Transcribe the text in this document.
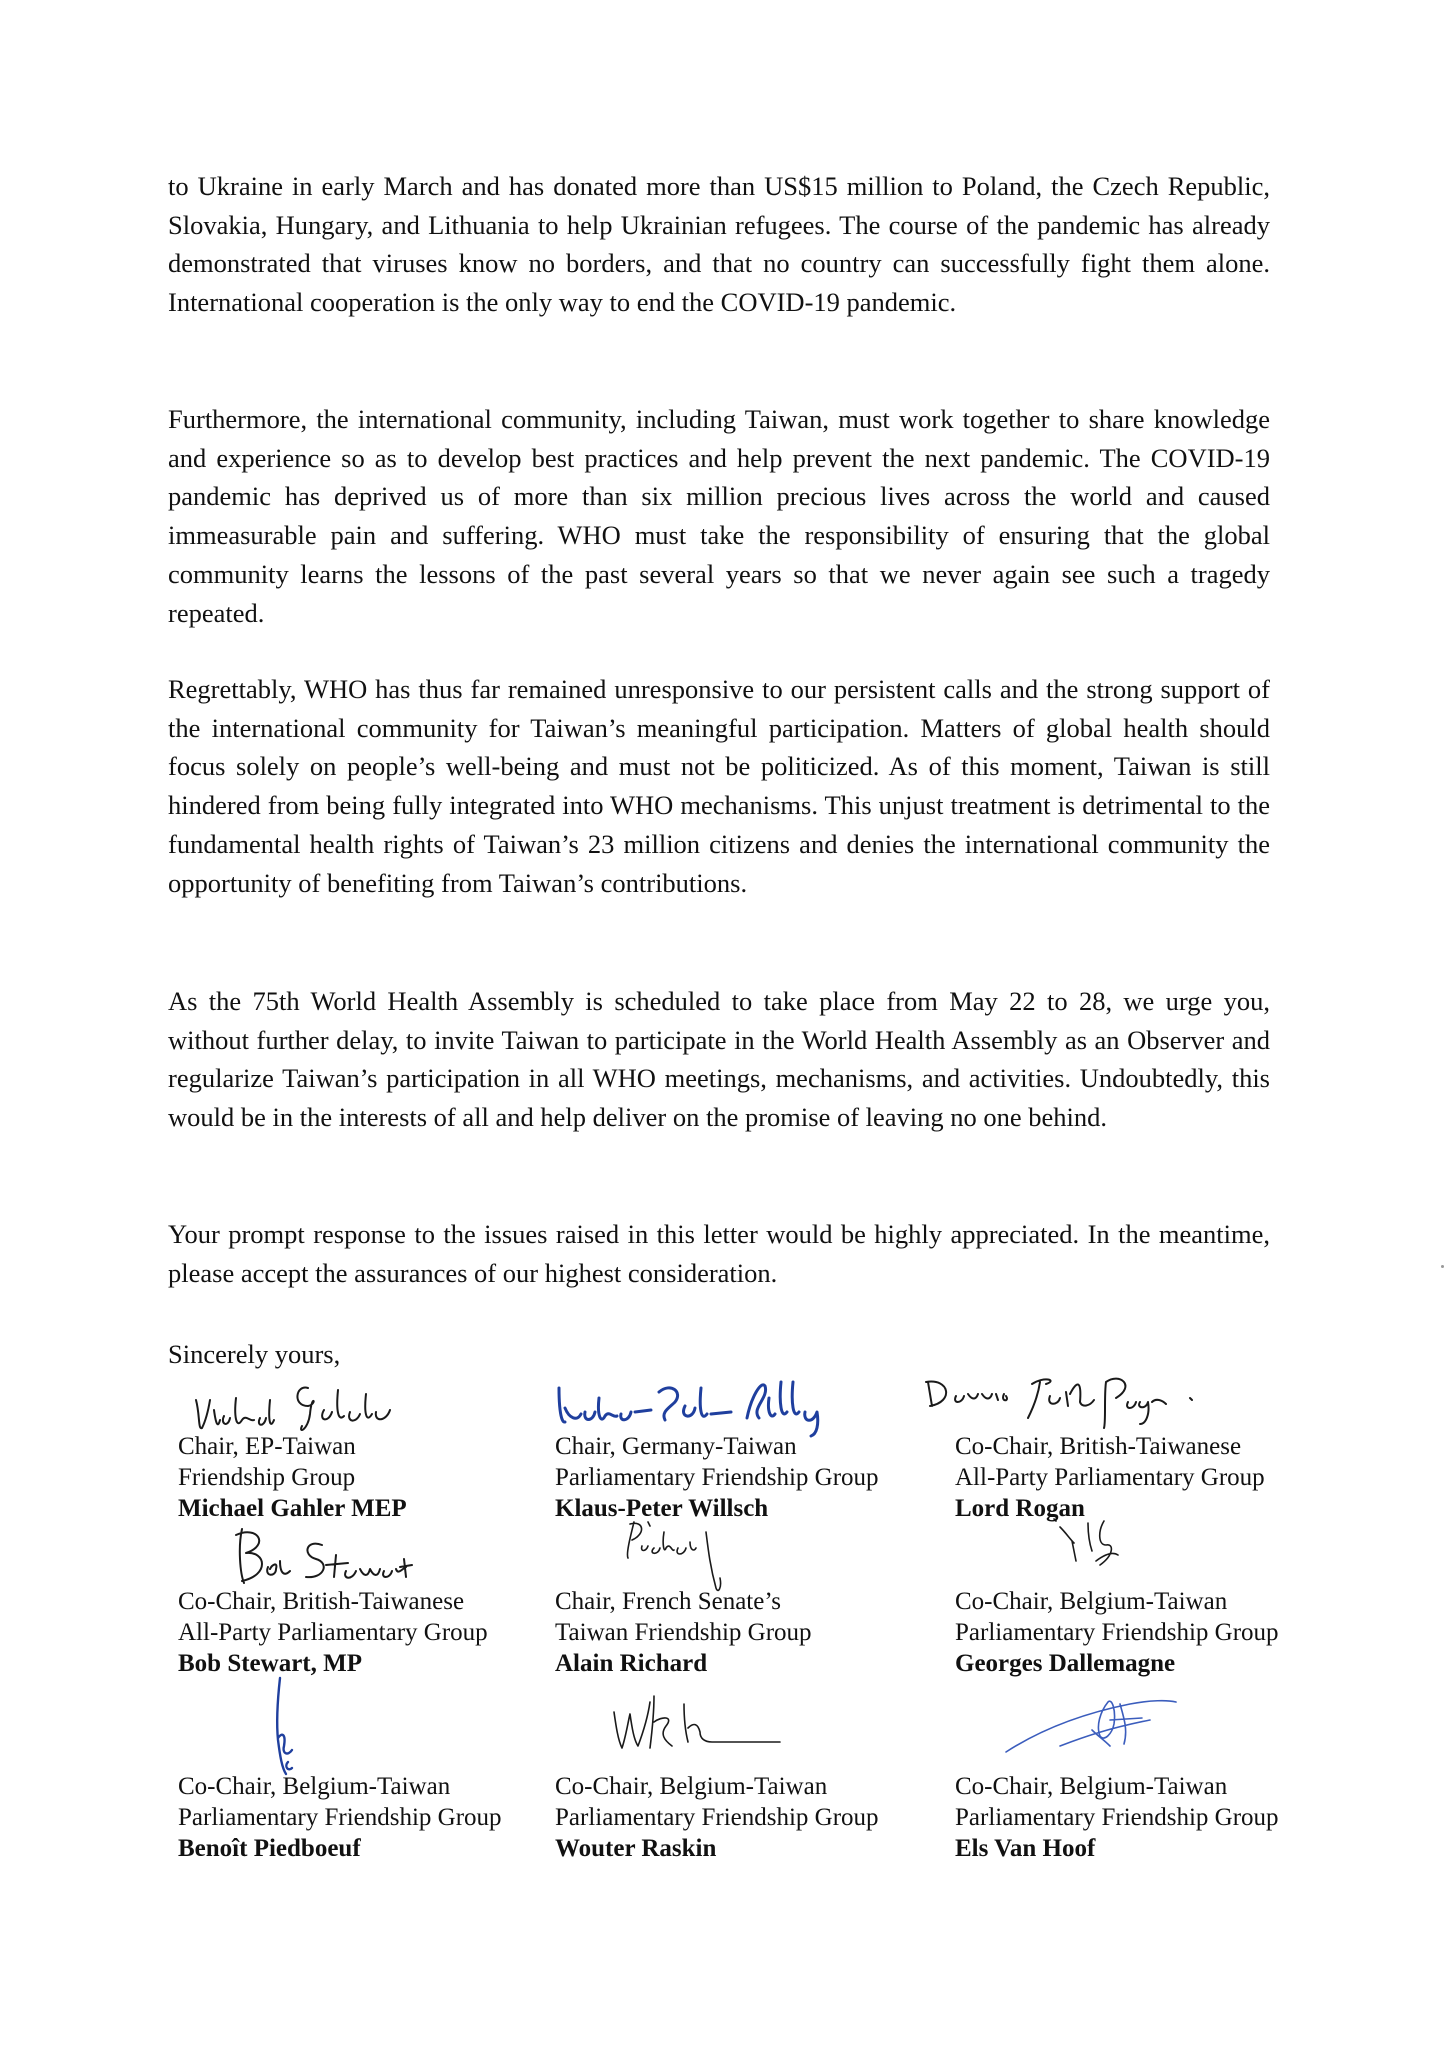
to Ukraine in early March and has donated more than US$15 million to Poland, the Czech Republic, Slovakia, Hungary, and Lithuania to help Ukrainian refugees. The course of the pandemic has already demonstrated that viruses know no borders, and that no country can successfully fight them alone. International cooperation is the only way to end the COVID-19 pandemic.

Furthermore, the international community, including Taiwan, must work together to share knowledge and experience so as to develop best practices and help prevent the next pandemic. The COVID-19 pandemic has deprived us of more than six million precious lives across the world and caused immeasurable pain and suffering. WHO must take the responsibility of ensuring that the global community learns the lessons of the past several years so that we never again see such a tragedy repeated.

Regrettably, WHO has thus far remained unresponsive to our persistent calls and the strong support of the international community for Taiwan’s meaningful participation. Matters of global health should focus solely on people’s well-being and must not be politicized. As of this moment, Taiwan is still hindered from being fully integrated into WHO mechanisms. This unjust treatment is detrimental to the fundamental health rights of Taiwan’s 23 million citizens and denies the international community the opportunity of benefiting from Taiwan’s contributions.

As the 75th World Health Assembly is scheduled to take place from May 22 to 28, we urge you, without further delay, to invite Taiwan to participate in the World Health Assembly as an Observer and regularize Taiwan’s participation in all WHO meetings, mechanisms, and activities. Undoubtedly, this would be in the interests of all and help deliver on the promise of leaving no one behind.

Your prompt response to the issues raised in this letter would be highly appreciated. In the meantime, please accept the assurances of our highest consideration.

Sincerely yours,

Chair, EP-Taiwan
Friendship Group
Michael Gahler MEP
Chair, Germany-Taiwan
Parliamentary Friendship Group
Klaus-Peter Willsch
Co-Chair, British-Taiwanese
All-Party Parliamentary Group
Lord Rogan
Co-Chair, British-Taiwanese
All-Party Parliamentary Group
Bob Stewart, MP
Chair, French Senate’s
Taiwan Friendship Group
Alain Richard
Co-Chair, Belgium-Taiwan
Parliamentary Friendship Group
Georges Dallemagne
Co-Chair, Belgium-Taiwan
Parliamentary Friendship Group
Benoît Piedboeuf
Co-Chair, Belgium-Taiwan
Parliamentary Friendship Group
Wouter Raskin
Co-Chair, Belgium-Taiwan
Parliamentary Friendship Group
Els Van Hoof
